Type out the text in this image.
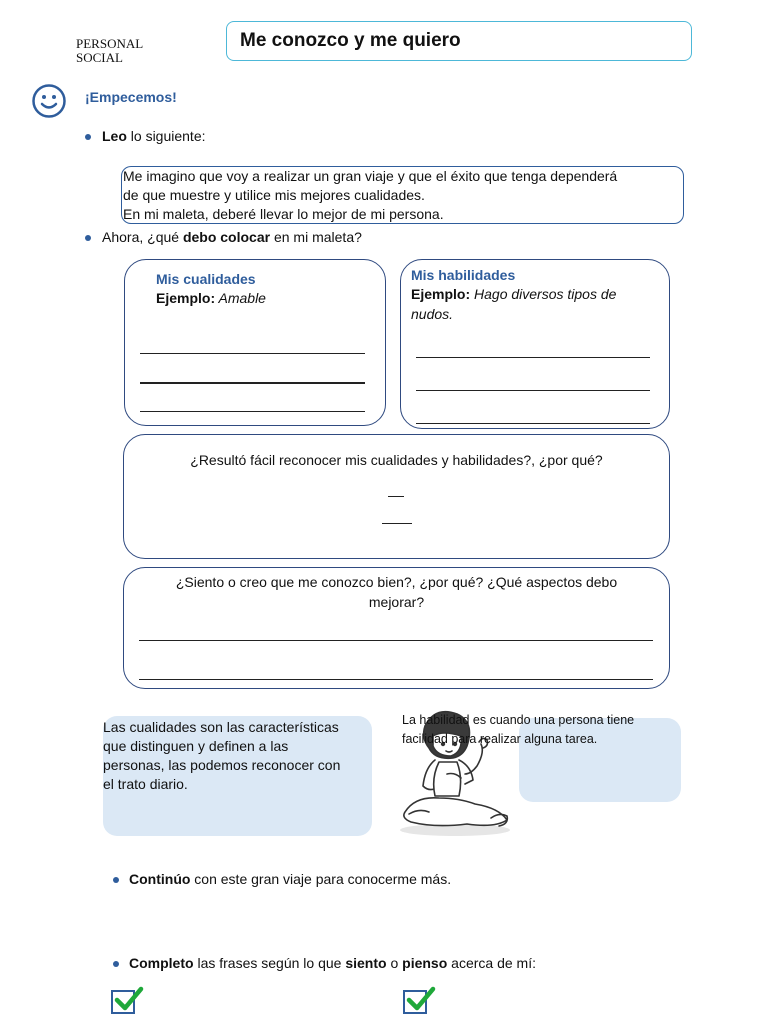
PERSONAL SOCIAL
Me conozco y me quiero
¡Empecemos!
Leo lo siguiente:
Me imagino que voy a realizar un gran viaje y que el éxito que tenga dependerá
de que muestre y utilice mis mejores cualidades.
En mi maleta, deberé llevar lo mejor de mi persona.
Ahora, ¿qué debo colocar en mi maleta?
Mis cualidades
Ejemplo: Amable
Mis habilidades
Ejemplo: Hago diversos tipos de
nudos.
¿Resultó fácil reconocer mis cualidades y habilidades?, ¿por qué?
¿Siento o creo que me conozco bien?, ¿por qué? ¿Qué aspectos debo
mejorar?
Las cualidades son las características
que distinguen y definen a las
personas, las podemos reconocer con
el trato diario.
La habilidad es cuando una persona tiene
facilidad para realizar alguna tarea.
Continúo con este gran viaje para conocerme más.
Completo las frases según lo que siento o pienso acerca de mí:
